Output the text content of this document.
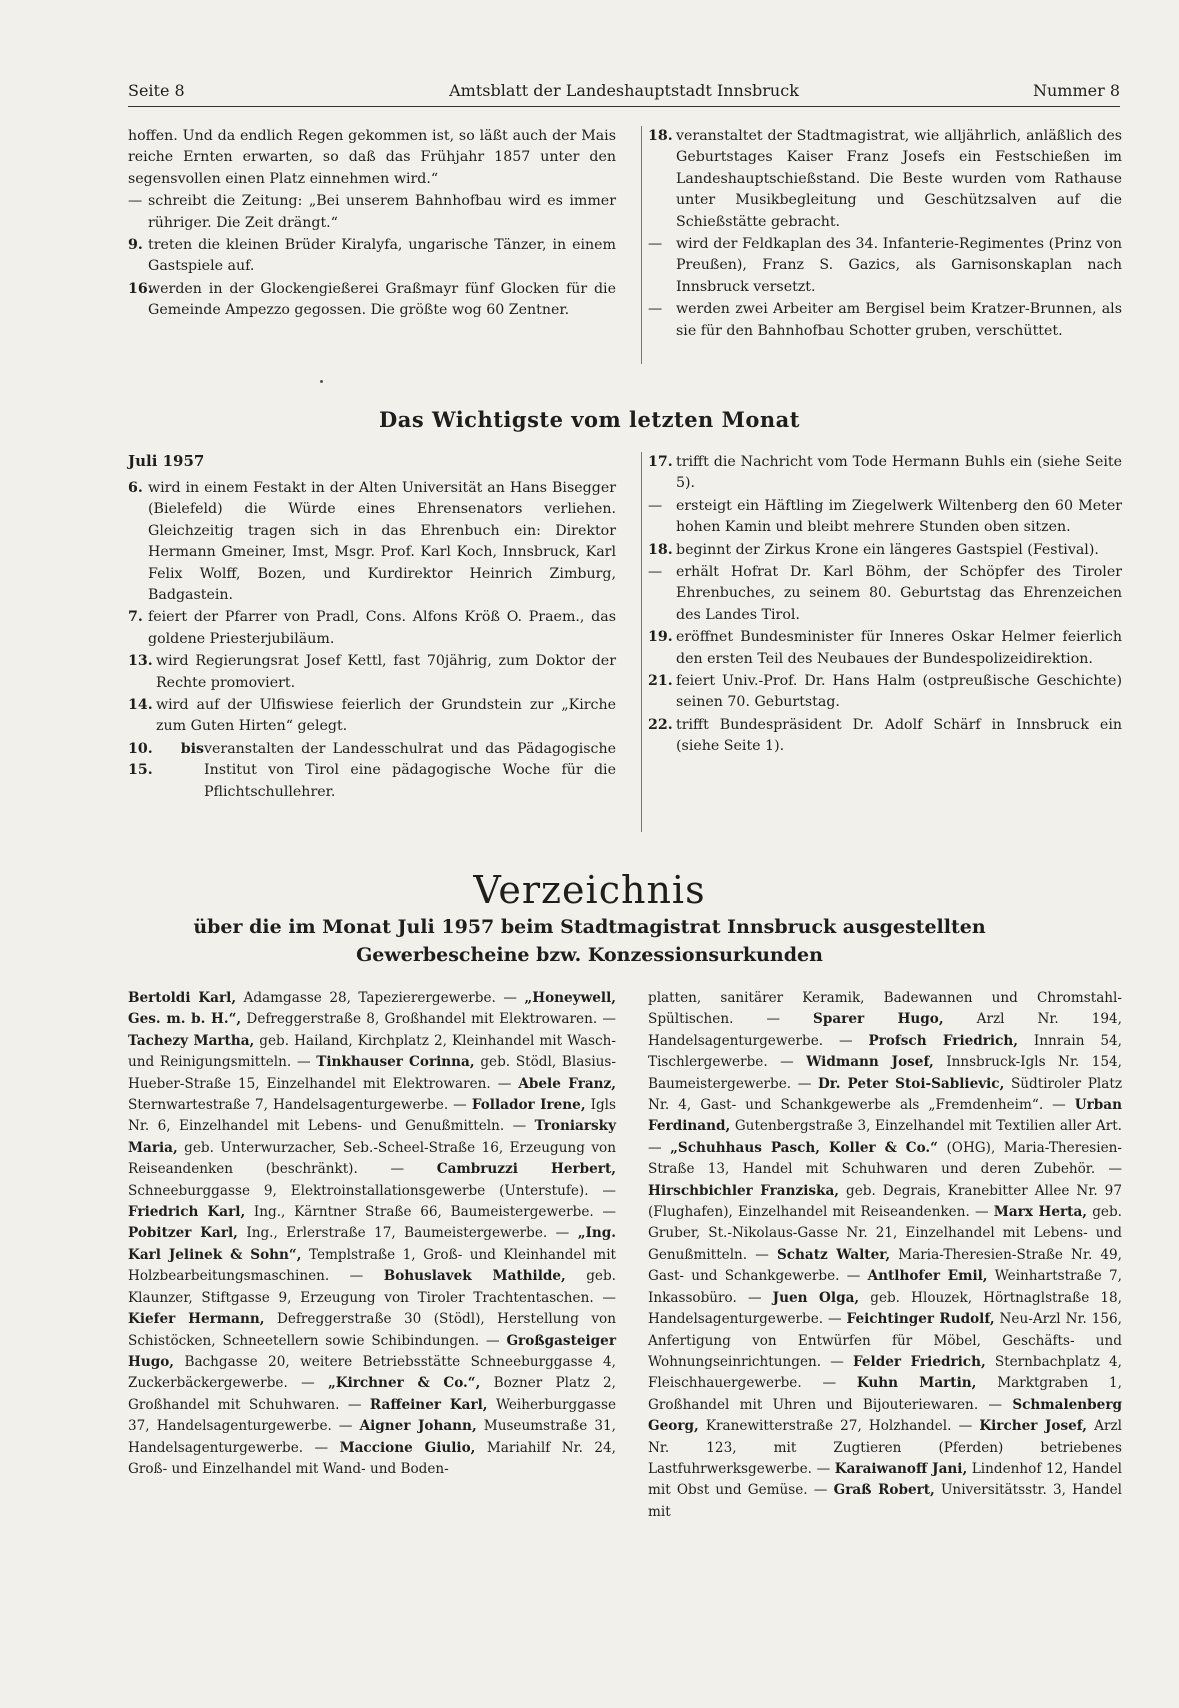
Seite 8	Amtsblatt der Landeshauptstadt Innsbruck	Nummer 8

hoffen. Und da endlich Regen gekommen ist, so läßt auch der Mais reiche Ernten erwarten, so daß das Frühjahr 1857 unter den segensvollen einen Platz einnehmen wird.“

— schreibt die Zeitung: „Bei unserem Bahnhofbau wird es immer rühriger. Die Zeit drängt.“
9. treten die kleinen Brüder Kiralyfa, ungarische Tänzer, in einem Gastspiele auf.
16.
werden in der Glockengießerei Graßmayr fünf Glocken für die Gemeinde Ampezzo gegossen. Die größte wog 60 Zentner.
18. veranstaltet der Stadtmagistrat, wie alljährlich, anläßlich des Geburtstages Kaiser Franz Josefs ein Festschießen im Landeshauptschießstand. Die Beste wurden vom Rathause unter Musikbegleitung und Geschützsalven auf die Schießstätte gebracht.
— wird der Feldkaplan des 34. Infanterie-Regimentes (Prinz von Preußen), Franz S. Gazics, als Garnisonskaplan nach Innsbruck versetzt.
— werden zwei Arbeiter am Bergisel beim Kratzer-Brunnen, als sie für den Bahnhofbau Schotter gruben, verschüttet.
Das Wichtigste vom letzten Monat
Juli 1957
6. wird in einem Festakt in der Alten Universität an Hans Bisegger (Bielefeld) die Würde eines Ehrensenators verliehen. Gleichzeitig tragen sich in das Ehrenbuch ein: Direktor Hermann Gmeiner, Imst, Msgr. Prof. Karl Koch, Innsbruck, Karl Felix Wolff, Bozen, und Kurdirektor Heinrich Zimburg, Badgastein.
7. feiert der Pfarrer von Pradl, Cons. Alfons Kröß O. Praem., das goldene Priesterjubiläum.
13. wird Regierungsrat Josef Kettl, fast 70jährig, zum Doktor der Rechte promoviert.
14. wird auf der Ulfiswiese feierlich der Grundstein zur „Kirche zum Guten Hirten“ gelegt.
10. bis 15.
veranstalten der Landesschulrat und das Pädagogische Institut von Tirol eine pädagogische Woche für die Pflichtschullehrer.
17. trifft die Nachricht vom Tode Hermann Buhls ein (siehe Seite 5).
— ersteigt ein Häftling im Ziegelwerk Wiltenberg den 60 Meter hohen Kamin und bleibt mehrere Stunden oben sitzen.
18. beginnt der Zirkus Krone ein längeres Gastspiel (Festival).
— erhält Hofrat Dr. Karl Böhm, der Schöpfer des Tiroler Ehrenbuches, zu seinem 80. Geburtstag das Ehrenzeichen des Landes Tirol.
19. eröffnet Bundesminister für Inneres Oskar Helmer feierlich den ersten Teil des Neubaues der Bundespolizeidirektion.
21. feiert Univ.-Prof. Dr. Hans Halm (ostpreußische Geschichte) seinen 70. Geburtstag.
22. trifft Bundespräsident Dr. Adolf Schärf in Innsbruck ein (siehe Seite 1).
Verzeichnis
über die im Monat Juli 1957 beim Stadtmagistrat Innsbruck ausgestellten
Gewerbescheine bzw. Konzessionsurkunden
Bertoldi Karl, Adamgasse 28, Tapezierergewerbe. — „Honeywell, Ges. m. b. H.“, Defreggerstraße 8, Großhandel mit Elektrowaren. — Tachezy Martha, geb. Hailand, Kirchplatz 2, Kleinhandel mit Wasch- und Reinigungsmitteln. — Tinkhauser Corinna, geb. Stödl, Blasius-Hueber-Straße 15, Einzelhandel mit Elektrowaren. — Abele Franz, Sternwartestraße 7, Handelsagenturgewerbe. — Follador Irene, Igls Nr. 6, Einzelhandel mit Lebens- und Genußmitteln. — Troniarsky Maria, geb. Unterwurzacher, Seb.-Scheel-Straße 16, Erzeugung von Reiseandenken (beschränkt). — Cambruzzi Herbert, Schneeburggasse 9, Elektroinstallationsgewerbe (Unterstufe). — Friedrich Karl, Ing., Kärntner Straße 66, Baumeistergewerbe. — Pobitzer Karl, Ing., Erlerstraße 17, Baumeistergewerbe. — „Ing. Karl Jelinek & Sohn“, Templstraße 1, Groß- und Kleinhandel mit Holzbearbeitungsmaschinen. — Bohuslavek Mathilde, geb. Klaunzer, Stiftgasse 9, Erzeugung von Tiroler Trachtentaschen. — Kiefer Hermann, Defreggerstraße 30 (Stödl), Herstellung von Schistöcken, Schneetellern sowie Schibindungen. — Großgasteiger Hugo, Bachgasse 20, weitere Betriebsstätte Schneeburggasse 4, Zuckerbäckergewerbe. — „Kirchner & Co.“, Bozner Platz 2, Großhandel mit Schuhwaren. — Raffeiner Karl, Weiherburggasse 37, Handelsagenturgewerbe. — Aigner Johann, Museumstraße 31, Handelsagenturgewerbe. — Maccione Giulio, Mariahilf Nr. 24, Groß- und Einzelhandel mit Wand- und Boden-
platten, sanitärer Keramik, Badewannen und Chromstahl-Spültischen. — Sparer Hugo, Arzl Nr. 194, Handelsagenturgewerbe. — Profsch Friedrich, Innrain 54, Tischlergewerbe. — Widmann Josef, Innsbruck-Igls Nr. 154, Baumeistergewerbe. — Dr. Peter Stoi-Sablievic, Südtiroler Platz Nr. 4, Gast- und Schankgewerbe als „Fremdenheim“. — Urban Ferdinand, Gutenbergstraße 3, Einzelhandel mit Textilien aller Art. — „Schuhhaus Pasch, Koller & Co.“ (OHG), Maria-Theresien-Straße 13, Handel mit Schuhwaren und deren Zubehör. — Hirschbichler Franziska, geb. Degrais, Kranebitter Allee Nr. 97 (Flughafen), Einzelhandel mit Reiseandenken. — Marx Herta, geb. Gruber, St.-Nikolaus-Gasse Nr. 21, Einzelhandel mit Lebens- und Genußmitteln. — Schatz Walter, Maria-Theresien-Straße Nr. 49, Gast- und Schankgewerbe. — Antlhofer Emil, Weinhartstraße 7, Inkassobüro. — Juen Olga, geb. Hlouzek, Hörtnaglstraße 18, Handelsagenturgewerbe. — Feichtinger Rudolf, Neu-Arzl Nr. 156, Anfertigung von Entwürfen für Möbel, Geschäfts- und Wohnungseinrichtungen. — Felder Friedrich, Sternbachplatz 4, Fleischhauergewerbe. — Kuhn Martin, Marktgraben 1, Großhandel mit Uhren und Bijouteriewaren. — Schmalenberg Georg, Kranewitterstraße 27, Holzhandel. — Kircher Josef, Arzl Nr. 123, mit Zugtieren (Pferden) betriebenes Lastfuhrwerksgewerbe. — Karaiwanoff Jani, Lindenhof 12, Handel mit Obst und Gemüse. — Graß Robert, Universitätsstr. 3, Handel mit
